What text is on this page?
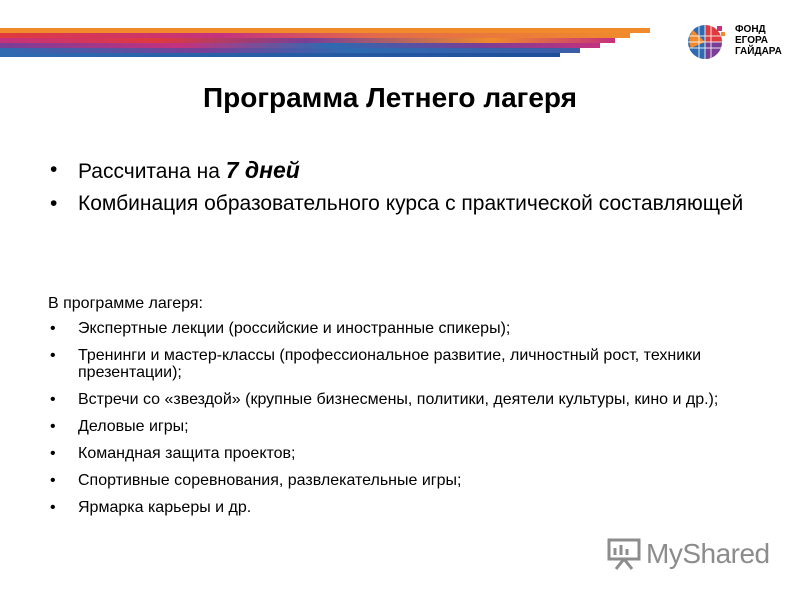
ФОНД
ЕГОРА
ГАЙДАРА
Программа Летнего лагеря
• Рассчитана на 7 дней
• Комбинация образовательного курса с практической составляющей
В программе лагеря:
• Экспертные лекции (российские и иностранные спикеры);
• Тренинги и мастер-классы (профессиональное развитие, личностный рост, техники презентации);
• Встречи со «звездой» (крупные бизнесмены, политики, деятели культуры, кино и др.);
• Деловые игры;
• Командная защита проектов;
• Спортивные соревнования, развлекательные игры;
• Ярмарка карьеры и др.
MyShared
